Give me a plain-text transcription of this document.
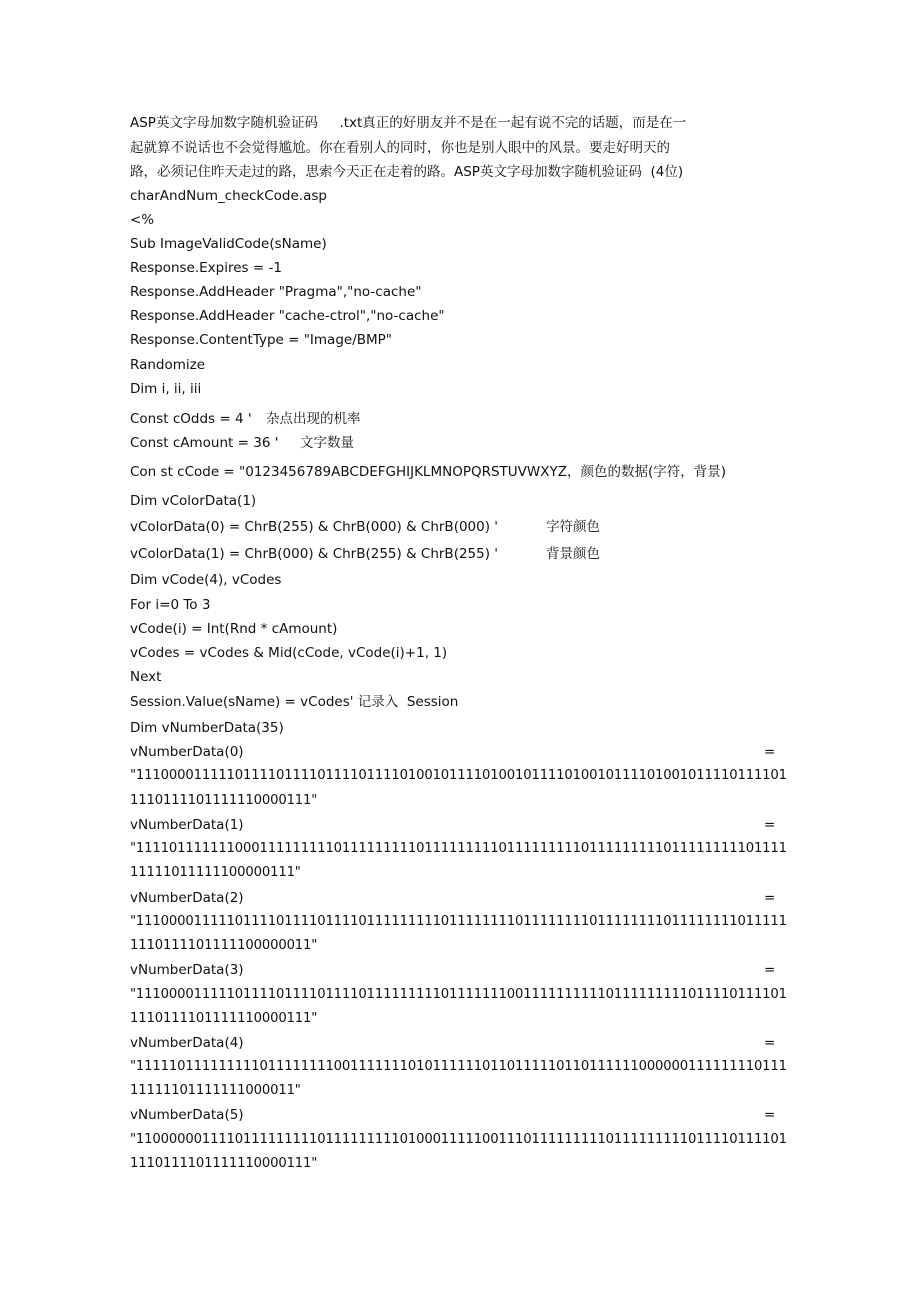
ASP英文字母加数字随机验证码     .txt真正的好朋友并不是在一起有说不完的话题，而是在一
起就算不说话也不会觉得尴尬。你在看别人的同时，你也是别人眼中的风景。要走好明天的
路，必须记住昨天走过的路，思索今天正在走着的路。ASP英文字母加数字随机验证码  (4位)
charAndNum_checkCode.asp
<%
Sub ImageValidCode(sName)
Response.Expires = -1
Response.AddHeader "Pragma","no-cache"
Response.AddHeader "cache-ctrol","no-cache"
Response.ContentType = "Image/BMP"
Randomize
Dim i, ii, iii
Const cOdds = 4 ' 杂点出现的机率
Const cAmount = 36 ' 文字数量
Con st cCode = "0123456789ABCDEFGHIJKLMNOPQRSTUVWXYZ，颜色的数据(字符，背景)
Dim vColorData(1)
vColorData(0) = ChrB(255) & ChrB(000) & ChrB(000) '	字符颜色
vColorData(1) = ChrB(000) & ChrB(255) & ChrB(255) '	背景颜色
Dim vCode(4), vCodes
For i=0 To 3
vCode(i) = Int(Rnd * cAmount)
vCodes = vCodes & Mid(cCode, vCode(i)+1, 1)
Next
Session.Value(sName) = vCodes' 记录入  Session
Dim vNumberData(35)
vNumberData(0)	=
"1110000111110111101111011110111101001011110100101111010010111101001011110111101
1110111101111110000111"
vNumberData(1)	=
"1111011111110001111111110111111111011111111101111111110111111111011111111101111
11111011111100000111"
vNumberData(2)	=
"1110000111110111101111011110111111111011111111011111111011111111011111111011111
1110111101111100000011"
vNumberData(3)	=
"1110000111110111101111011110111111111011111110011111111110111111111011110111101
1110111101111110000111"
vNumberData(4)	=
"1111101111111110111111110011111110101111110110111110110111111000000111111110111
11111101111111000011"
vNumberData(5)	=
"1100000011110111111111011111111101000111110011101111111110111111111011110111101
1110111101111110000111"
